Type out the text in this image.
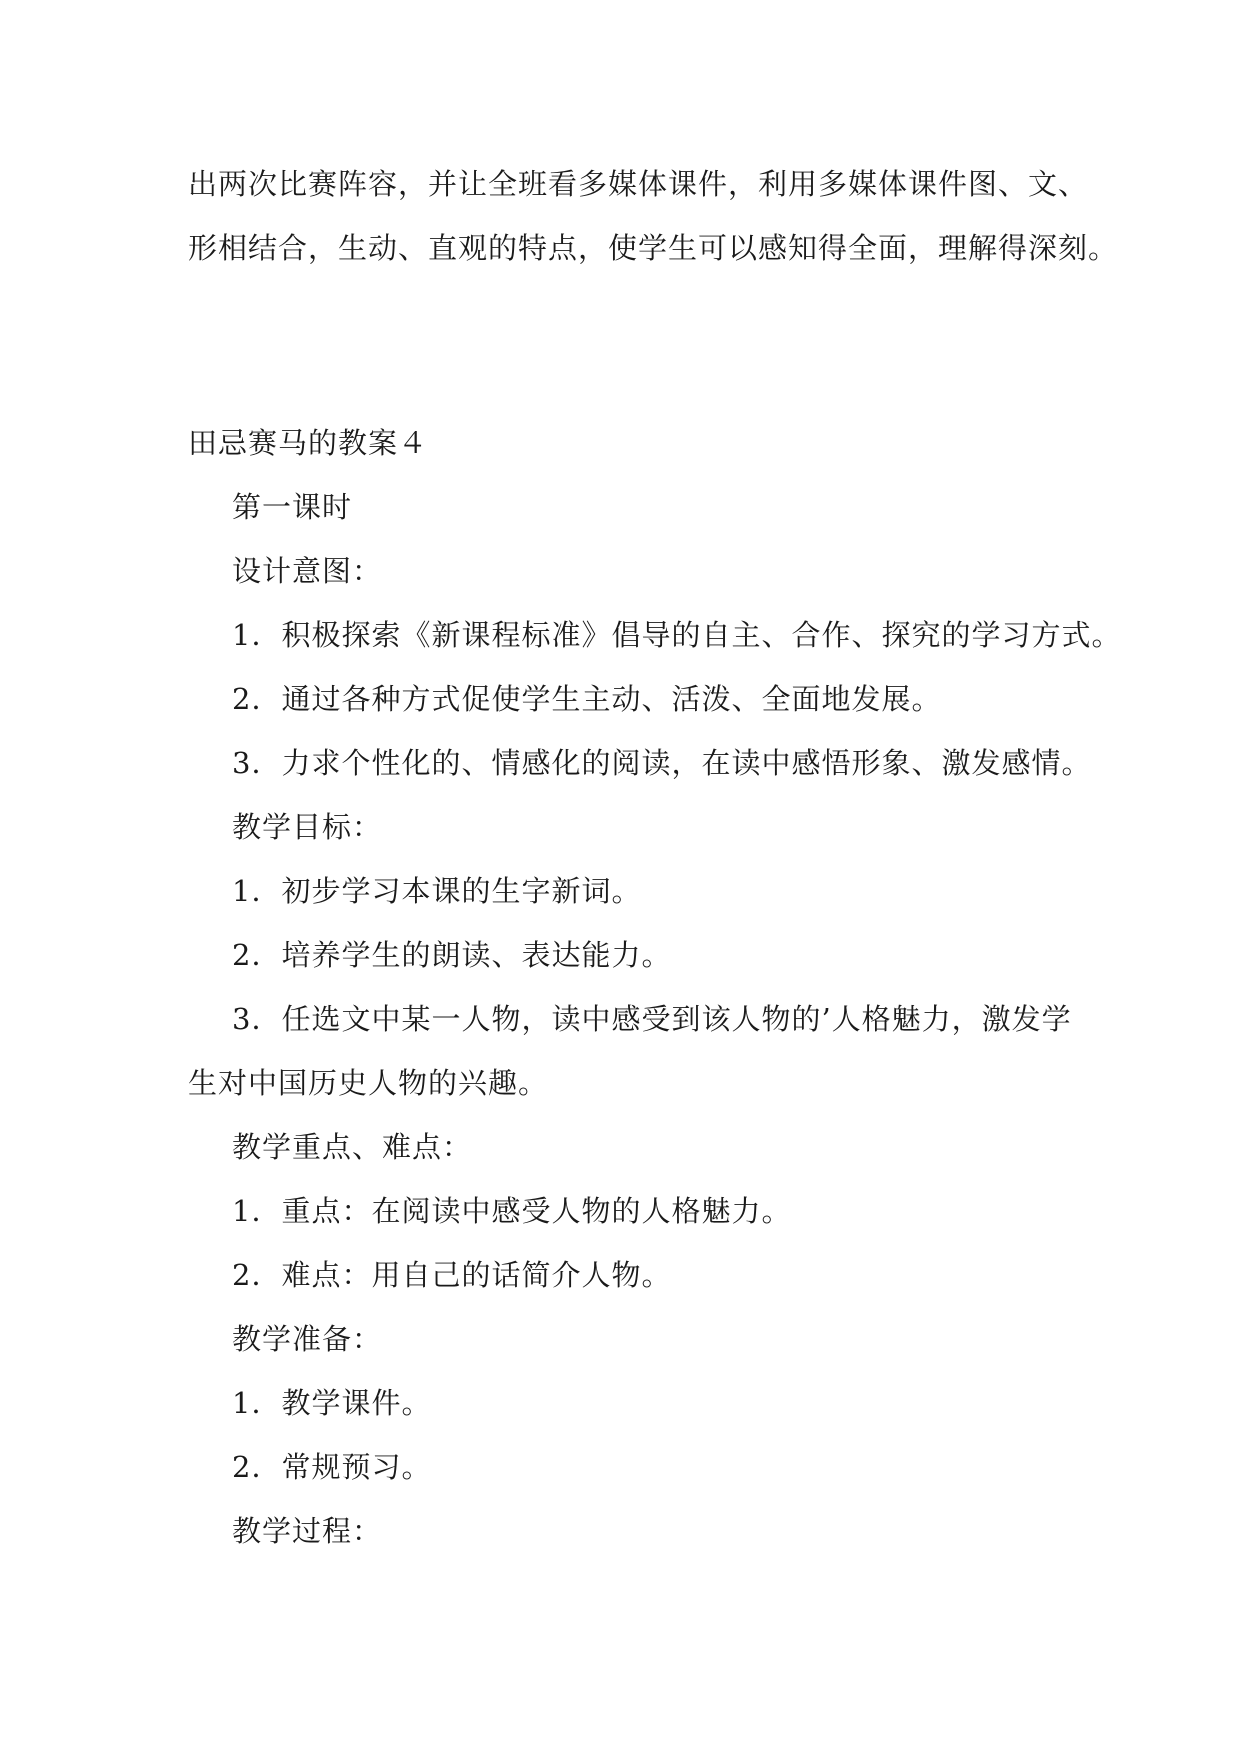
出两次比赛阵容，并让全班看多媒体课件，利用多媒体课件图、文、
形相结合，生动、直观的特点，使学生可以感知得全面，理解得深刻。
田忌赛马的教案４
第一课时
设计意图：
1．积极探索《新课程标准》倡导的自主、合作、探究的学习方式。
2．通过各种方式促使学生主动、活泼、全面地发展。
3．力求个性化的、情感化的阅读，在读中感悟形象、激发感情。
教学目标：
1．初步学习本课的生字新词。
2．培养学生的朗读、表达能力。
3．任选文中某一人物，读中感受到该人物的’人格魅力，激发学
生对中国历史人物的兴趣。
教学重点、难点：
1．重点：在阅读中感受人物的人格魅力。
2．难点：用自己的话简介人物。
教学准备：
1．教学课件。
2．常规预习。
教学过程：
